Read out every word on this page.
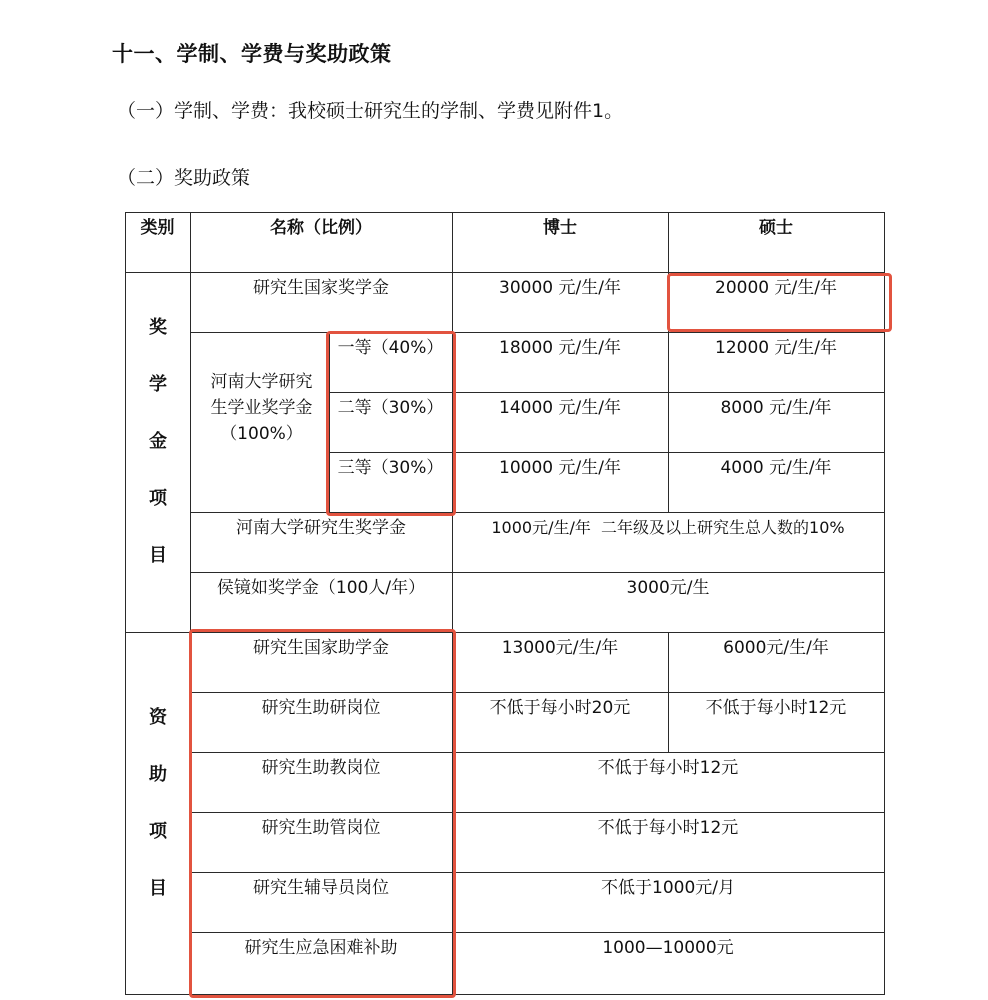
十一、学制、学费与奖助政策
（一）学制、学费：我校硕士研究生的学制、学费见附件1。
（二）奖助政策
类别	名称（比例）	博士	硕士
奖
学
金
项
目
研究生国家奖学金	30000 元/生/年	20000 元/生/年
河南大学研究
生学业奖学金
（100%）
一等（40%）	18000 元/生/年	12000 元/生/年
二等（30%）	14000 元/生/年	8000 元/生/年
三等（30%）	10000 元/生/年	4000 元/生/年
河南大学研究生奖学金	1000元/生/年  二年级及以上研究生总人数的10%
侯镜如奖学金（100人/年）	3000元/生
资
助
项
目
研究生国家助学金	13000元/生/年	6000元/生/年
研究生助研岗位	不低于每小时20元	不低于每小时12元
研究生助教岗位	不低于每小时12元
研究生助管岗位	不低于每小时12元
研究生辅导员岗位	不低于1000元/月
研究生应急困难补助	1000—10000元
